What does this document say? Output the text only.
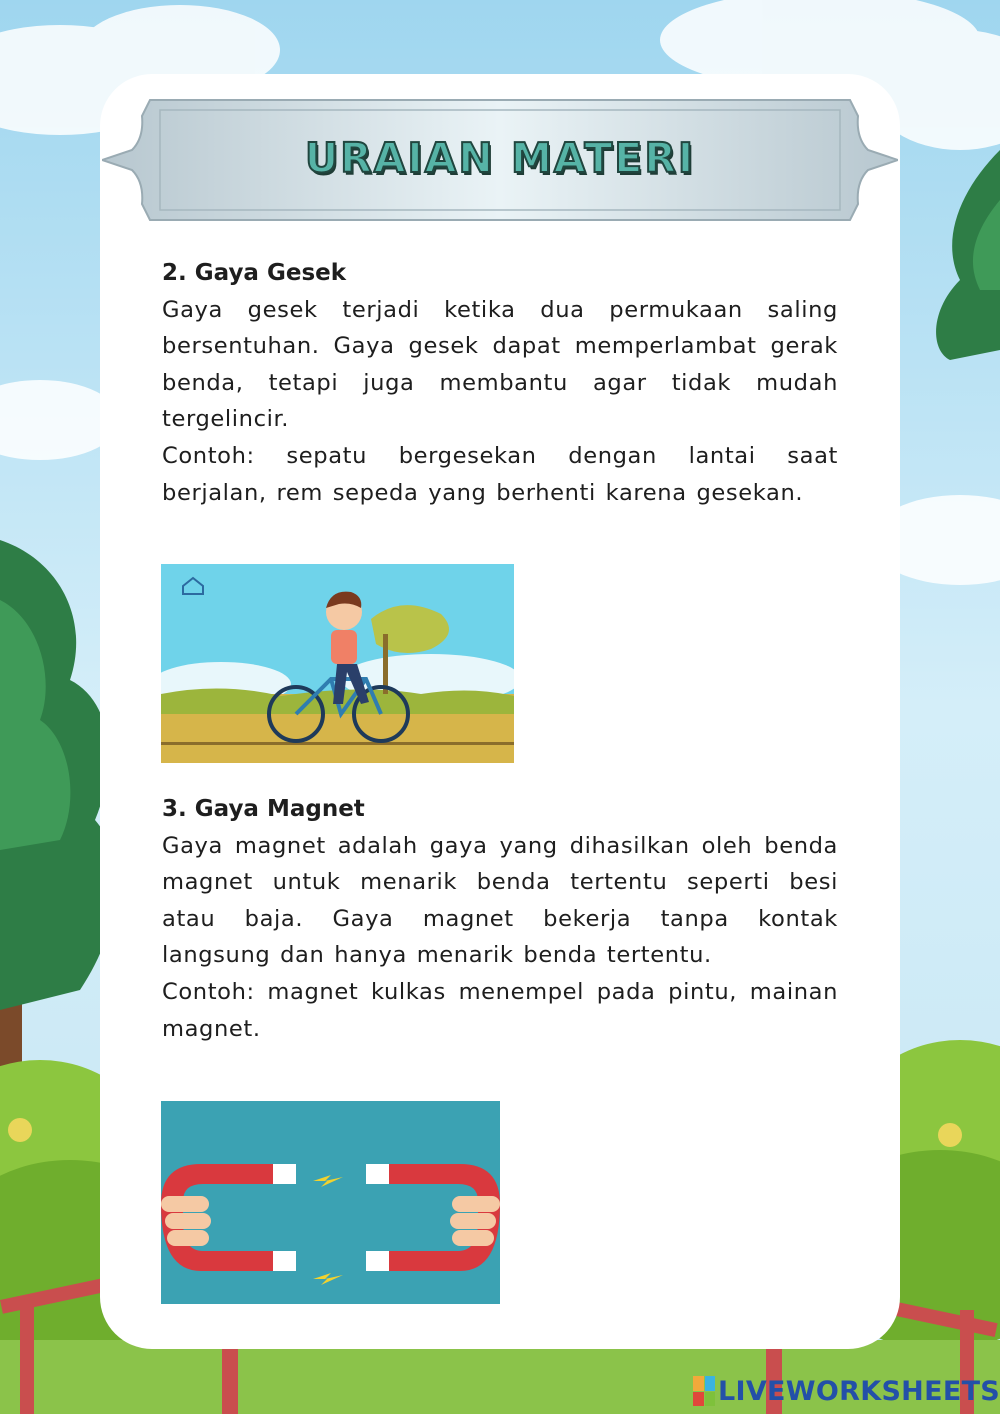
URAIAN MATERI
2. Gaya Gesek
Gaya gesek terjadi ketika dua permukaan saling bersentuhan. Gaya gesek dapat memperlambat gerak benda, tetapi juga membantu agar tidak mudah tergelincir.
Contoh: sepatu bergesekan dengan lantai saat berjalan, rem sepeda yang berhenti karena gesekan.
3. Gaya Magnet
Gaya magnet adalah gaya yang dihasilkan oleh benda magnet untuk menarik benda tertentu seperti besi atau baja. Gaya magnet bekerja tanpa kontak langsung dan hanya menarik benda tertentu.
Contoh: magnet kulkas menempel pada pintu, mainan magnet.
LIVEWORKSHEETS
